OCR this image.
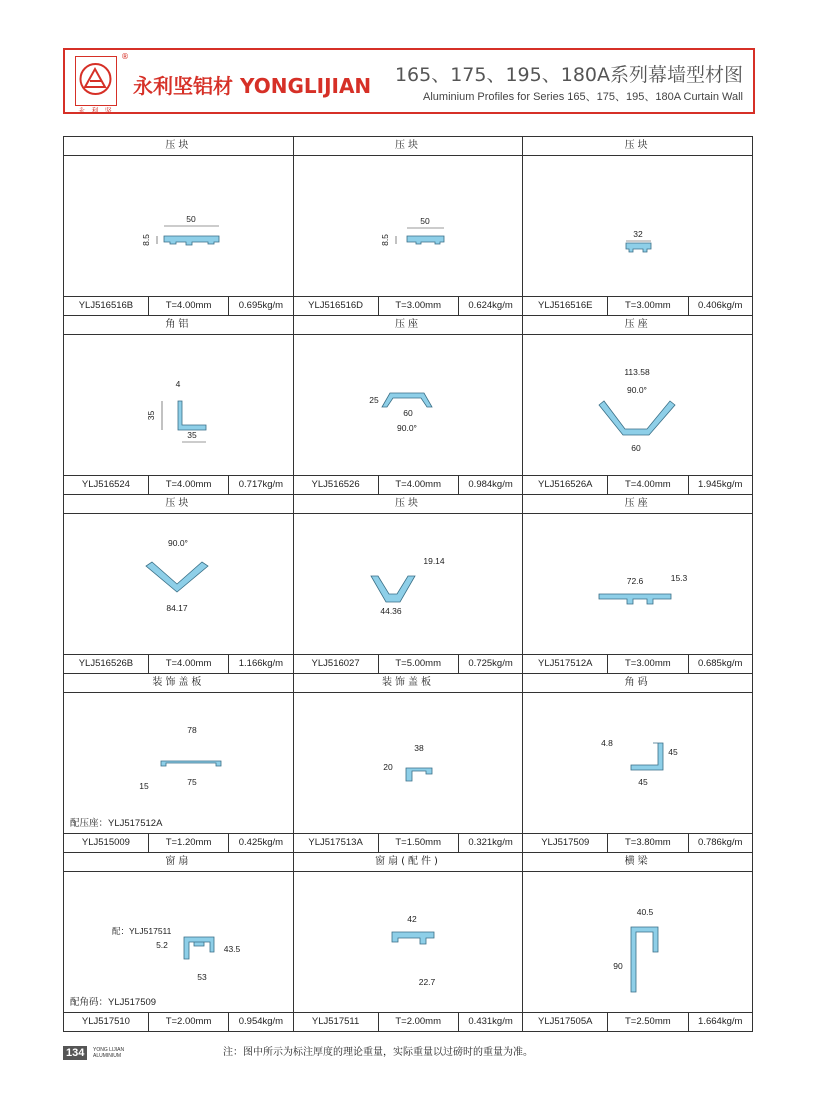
永 利 坚
®
永利坚铝材 YONGLIJIAN 165、175、195、180A系列幕墙型材图
Aluminium Profiles for Series 165、175、195、180A Curtain Wall
压块
50
8.5
YLJ516516B	T=4.00mm	0.695kg/m
压块
50
8.5
YLJ516516D	T=3.00mm	0.624kg/m
压块
32
YLJ516516E	T=3.00mm	0.406kg/m
角铝
4
35
35
YLJ516524	T=4.00mm	0.717kg/m
压座
25
60
90.0°
YLJ516526	T=4.00mm	0.984kg/m
压座
113.58
90.0°
60
YLJ516526A	T=4.00mm	1.945kg/m
压块
90.0°
84.17
YLJ516526B	T=4.00mm	1.166kg/m
压块
19.14
44.36
YLJ516027	T=5.00mm	0.725kg/m
压座
72.6	15.3
YLJ517512A	T=3.00mm	0.685kg/m
装饰盖板
配压座：YLJ517512A
78
75
15
YLJ515009	T=1.20mm	0.425kg/m
装饰盖板
38
20
YLJ517513A	T=1.50mm	0.321kg/m
角码
4.8
45
45
YLJ517509	T=3.80mm	0.786kg/m
窗扇
配角码：YLJ517509
5.2	43.5
53
配：YLJ517511
YLJ517510	T=2.00mm	0.954kg/m
窗扇(配件)
42
22.7
YLJ517511	T=2.00mm	0.431kg/m
横梁
40.5
90
YLJ517505A	T=2.50mm	1.664kg/m
134	YONG LIJIAN
ALUMINIUM	注：图中所示为标注厚度的理论重量，实际重量以过磅时的重量为准。
